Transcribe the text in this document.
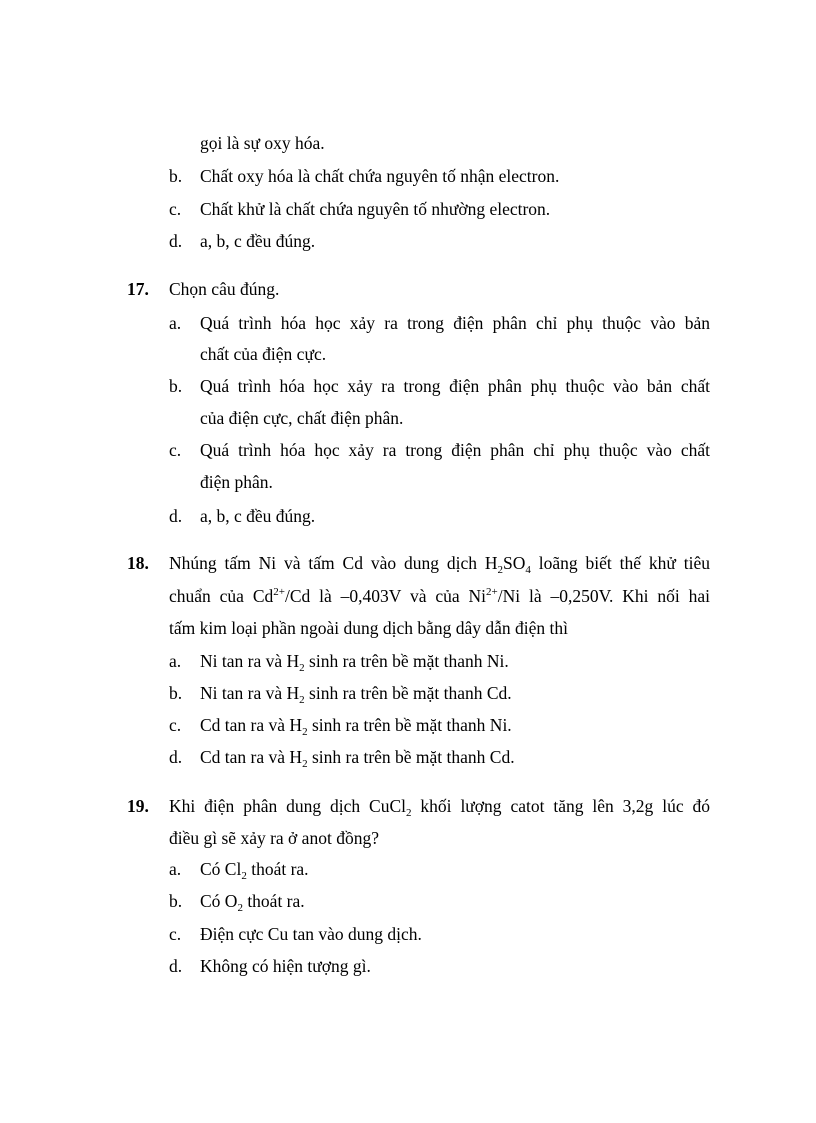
gọi là sự oxy hóa.
b. Chất oxy hóa là chất chứa nguyên tố nhận electron.
c. Chất khử là chất chứa nguyên tố nhường electron.
d. a, b, c đều đúng.
17. Chọn câu đúng.
a. Quá trình hóa học xảy ra trong điện phân chỉ phụ thuộc vào bản
chất của điện cực.
b. Quá trình hóa học xảy ra trong điện phân phụ thuộc vào bản chất
của điện cực, chất điện phân.
c. Quá trình hóa học xảy ra trong điện phân chỉ phụ thuộc vào chất
điện phân.
d. a, b, c đều đúng.
18. Nhúng tấm Ni và tấm Cd vào dung dịch $H_2SO_4$ loãng biết thế khử tiêu
chuẩn của $Cd^{2+}/Cd$ là –0,403V và của $Ni^{2+}/Ni$ là –0,250V. Khi nối hai
tấm kim loại phần ngoài dung dịch bằng dây dẫn điện thì
a. Ni tan ra và $H_2$ sinh ra trên bề mặt thanh Ni.
b. Ni tan ra và $H_2$ sinh ra trên bề mặt thanh Cd.
c. Cd tan ra và $H_2$ sinh ra trên bề mặt thanh Ni.
d. Cd tan ra và $H_2$ sinh ra trên bề mặt thanh Cd.
19. Khi điện phân dung dịch CuCl$_2$ khối lượng catot tăng lên 3,2g lúc đó
điều gì sẽ xảy ra ở anot đồng?
a. Có $Cl_2$ thoát ra.
b. Có $O_2$ thoát ra.
c. Điện cực Cu tan vào dung dịch.
d. Không có hiện tượng gì.
